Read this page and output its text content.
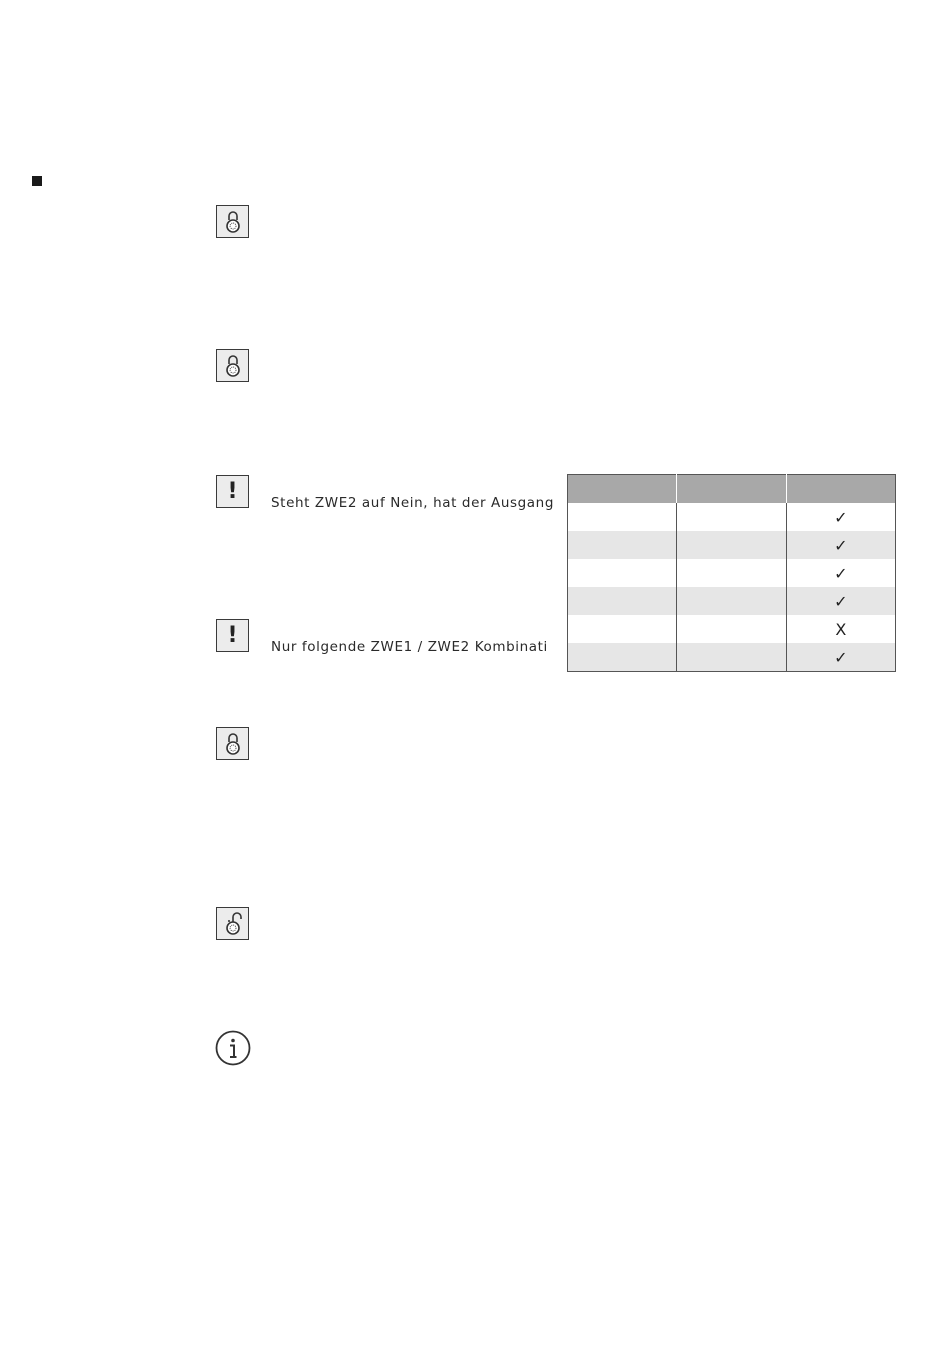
! Steht ZWE2 auf Nein, hat der Ausgang
! Nur folgende ZWE1 / ZWE2 Kombinati

		✓
		✓
		✓
		✓
		X
		✓
